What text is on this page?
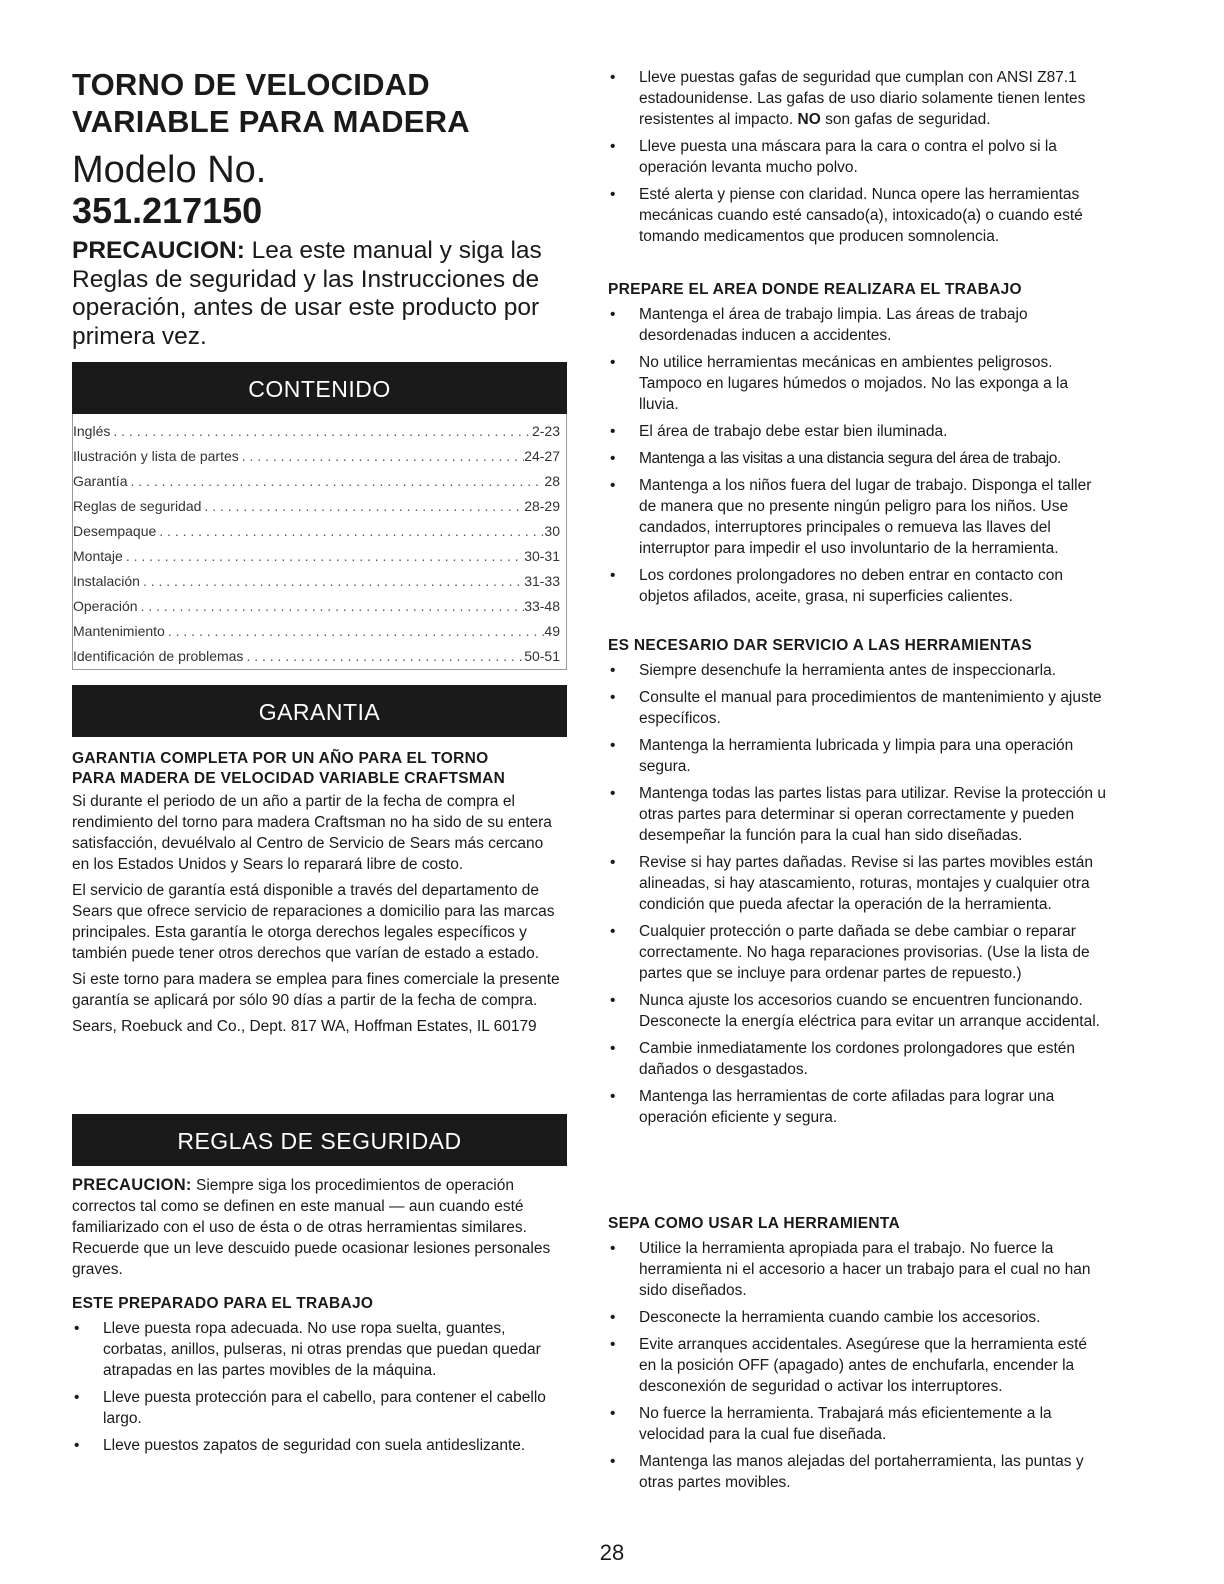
TORNO DE VELOCIDAD
VARIABLE PARA MADERA
Modelo No.
351.217150

PRECAUCION: Lea este manual y siga las Reglas de seguridad y las Instrucciones de operación, antes de usar este producto por primera vez.

CONTENIDO
Inglés . . .	2-23
Ilustración y lista de partes . . .	24-27
Garantía . . .	28
Reglas de seguridad . . .	28-29
Desempaque . . .	30
Montaje . . .	30-31
Instalación . . .	31-33
Operación . . .	33-48
Mantenimiento . . .	49
Identificación de problemas . . .	50-51
GARANTIA
GARANTIA COMPLETA POR UN AÑO PARA EL TORNO
PARA MADERA DE VELOCIDAD VARIABLE CRAFTSMAN

Si durante el periodo de un año a partir de la fecha de compra el rendimiento del torno para madera Craftsman no ha sido de su entera satisfacción, devuélvalo al Centro de Servicio de Sears más cercano en los Estados Unidos y Sears lo reparará libre de costo.

El servicio de garantía está disponible a través del departamento de Sears que ofrece servicio de reparaciones a domicilio para las marcas principales. Esta garantía le otorga derechos legales específicos y también puede tener otros derechos que varían de estado a estado.

Si este torno para madera se emplea para fines comerciale la presente garantía se aplicará por sólo 90 días a partir de la fecha de compra.

Sears, Roebuck and Co., Dept. 817 WA, Hoffman Estates, IL 60179

REGLAS DE SEGURIDAD

PRECAUCION: Siempre siga los procedimientos de operación correctos tal como se definen en este manual — aun cuando esté familiarizado con el uso de ésta o de otras herramientas similares. Recuerde que un leve descuido puede ocasionar lesiones personales graves.

ESTE PREPARADO PARA EL TRABAJO
• Lleve puesta ropa adecuada. No use ropa suelta, guantes, corbatas, anillos, pulseras, ni otras prendas que puedan quedar atrapadas en las partes movibles de la máquina.
• Lleve puesta protección para el cabello, para contener el cabello largo.
• Lleve puestos zapatos de seguridad con suela antideslizante.
• Lleve puestas gafas de seguridad que cumplan con ANSI Z87.1 estadounidense. Las gafas de uso diario solamente tienen lentes resistentes al impacto. NO son gafas de seguridad.
• Lleve puesta una máscara para la cara o contra el polvo si la operación levanta mucho polvo.
• Esté alerta y piense con claridad. Nunca opere las herramientas mecánicas cuando esté cansado(a), intoxicado(a) o cuando esté tomando medicamentos que producen somnolencia.
PREPARE EL AREA DONDE REALIZARA EL TRABAJO
• Mantenga el área de trabajo limpia. Las áreas de trabajo desordenadas inducen a accidentes.
• No utilice herramientas mecánicas en ambientes peligrosos. Tampoco en lugares húmedos o mojados. No las exponga a la lluvia.
• El área de trabajo debe estar bien iluminada.
• Mantenga a las visitas a una distancia segura del área de trabajo.
• Mantenga a los niños fuera del lugar de trabajo. Disponga el taller de manera que no presente ningún peligro para los niños. Use candados, interruptores principales o remueva las llaves del interruptor para impedir el uso involuntario de la herramienta.
• Los cordones prolongadores no deben entrar en contacto con objetos afilados, aceite, grasa, ni superficies calientes.
ES NECESARIO DAR SERVICIO A LAS HERRAMIENTAS
• Siempre desenchufe la herramienta antes de inspeccionarla.
• Consulte el manual para procedimientos de mantenimiento y ajuste específicos.
• Mantenga la herramienta lubricada y limpia para una operación segura.
• Mantenga todas las partes listas para utilizar. Revise la protección u otras partes para determinar si operan correctamente y pueden desempeñar la función para la cual han sido diseñadas.
• Revise si hay partes dañadas. Revise si las partes movibles están alineadas, si hay atascamiento, roturas, montajes y cualquier otra condición que pueda afectar la operación de la herramienta.
• Cualquier protección o parte dañada se debe cambiar o reparar correctamente. No haga reparaciones provisorias. (Use la lista de partes que se incluye para ordenar partes de repuesto.)
• Nunca ajuste los accesorios cuando se encuentren funcionando. Desconecte la energía eléctrica para evitar un arranque accidental.
• Cambie inmediatamente los cordones prolongadores que estén dañados o desgastados.
• Mantenga las herramientas de corte afiladas para lograr una operación eficiente y segura.
SEPA COMO USAR LA HERRAMIENTA
• Utilice la herramienta apropiada para el trabajo. No fuerce la herramienta ni el accesorio a hacer un trabajo para el cual no han sido diseñados.
• Desconecte la herramienta cuando cambie los accesorios.
• Evite arranques accidentales. Asegúrese que la herramienta esté en la posición OFF (apagado) antes de enchufarla, encender la desconexión de seguridad o activar los interruptores.
• No fuerce la herramienta. Trabajará más eficientemente a la velocidad para la cual fue diseñada.
• Mantenga las manos alejadas del portaherramienta, las puntas y otras partes movibles.
28
